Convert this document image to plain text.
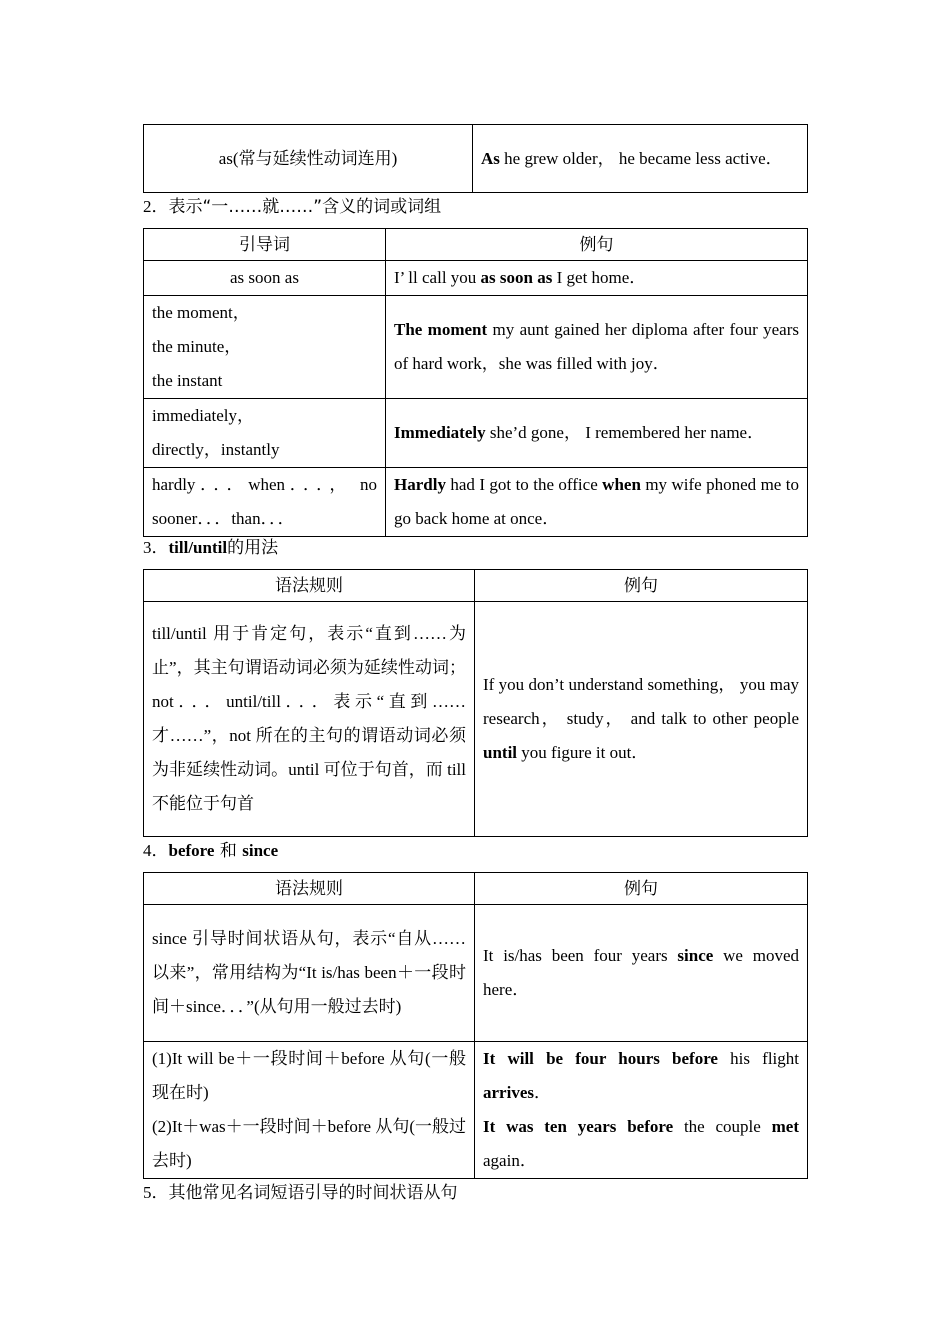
as(常与延续性动词连用)	As he grew older， he became less active．
2．表示“一……就……”含义的词或词组
引导词	例句
as soon as	I’ ll call you as soon as I get home．

the moment，
the minute，
the instant	The moment my aunt gained her diploma after four years of hard work，she was filled with joy．

immediately，
directly，instantly	Immediately she’d gone， I remembered her name．
hardly．．．when．．．， no sooner．．．than．．．	Hardly had I got to the office when my wife phoned me to go back home at once．
3．till/until的用法
语法规则	例句
till/until 用于肯定句，表示“直到……为止”，其主句谓语动词必须为延续性动词；not．．．until/till．．．表示“直到……才……”，not 所在的主句的谓语动词必须为非延续性动词。until 可位于句首，而 till 不能位于句首	If you don’t understand something， you may research， study， and talk to other people until you figure it out．
4．before 和 since
语法规则	例句
since 引导时间状语从句，表示“自从……以来”，常用结构为“It is/has been＋一段时间＋since．．．”(从句用一般过去时)	It is/has been four years since we moved here．

(1)It will be＋一段时间＋before 从句(一般现在时)
(2)It＋was＋一段时间＋before 从句(一般过去时)	It will be four hours before his flight arrives．
It was ten years before the couple met again．
5．其他常见名词短语引导的时间状语从句
